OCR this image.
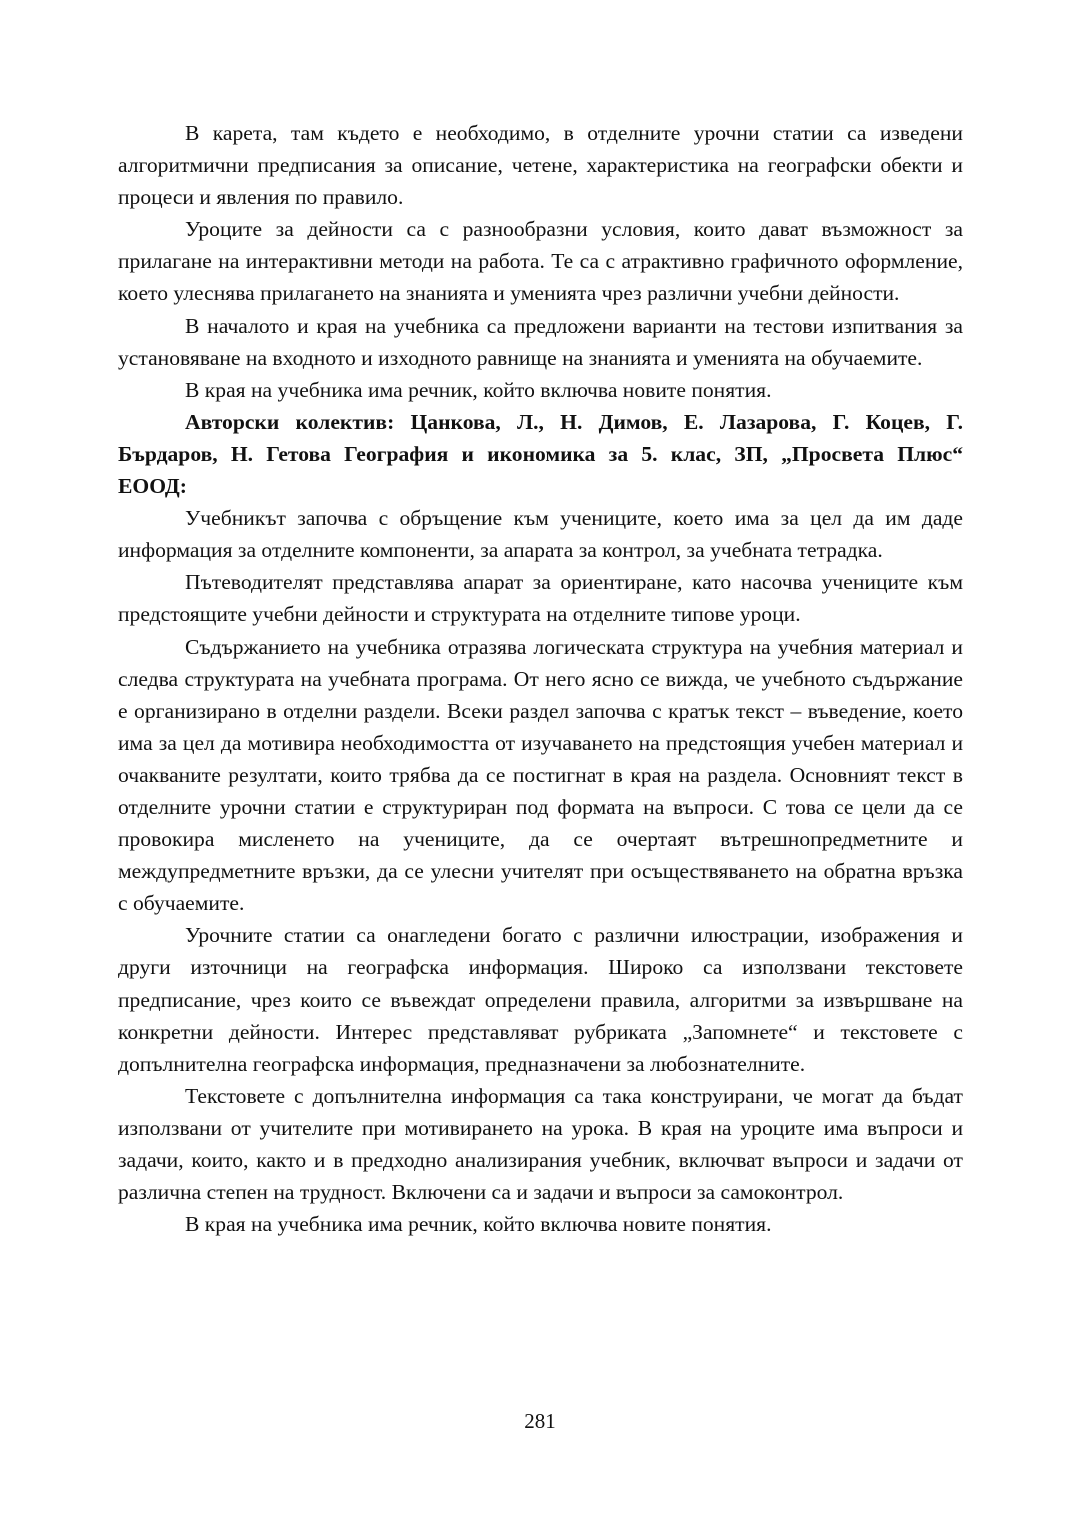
В карета, там където е необходимо, в отделните урочни статии са изведени алгоритмични предписания за описание, четене, характеристика на географски обекти и процеси и явления по правило.

Уроците за дейности са с разнообразни условия, които дават възможност за прилагане на интерактивни методи на работа. Те са с атрактивно графичното оформление, което улеснява прилагането на знанията и уменията чрез различни учебни дейности.

В началото и края на учебника са предложени варианти на тестови изпитвания за установяване на входното и изходното равнище на знанията и уменията на обучаемите.

В края на учебника има речник, който включва новите понятия.

Авторски колектив: Цанкова, Л., Н. Димов, Е. Лазарова, Г. Коцев, Г. Бърдаров, Н. Гетова География и икономика за 5. клас, ЗП, „Просвета Плюс“ ЕООД:

Учебникът започва с обръщение към учениците, което има за цел да им даде информация за отделните компоненти, за апарата за контрол, за учебната тетрадка.

Пътеводителят представлява апарат за ориентиране, като насочва учениците към предстоящите учебни дейности и структурата на отделните типове уроци.

Съдържанието на учебника отразява логическата структура на учебния материал и следва структурата на учебната програма. От него ясно се вижда, че учебното съдържание е организирано в отделни раздели. Всеки раздел започва с кратък текст – въведение, което има за цел да мотивира необходимостта от изучаването на предстоящия учебен материал и очакваните резултати, които трябва да се постигнат в края на раздела. Основният текст в отделните урочни статии е структуриран под формата на въпроси. С това се цели да се провокира мисленето на учениците, да се очертаят вътрешнопредметните и междупредметните връзки, да се улесни учителят при осъществяването на обратна връзка с обучаемите.

Урочните статии са онагледени богато с различни илюстрации, изображения и други източници на географска информация. Широко са използвани текстовете предписание, чрез които се въвеждат определени правила, алгоритми за извършване на конкретни дейности. Интерес представляват рубриката „Запомнете“ и текстовете с допълнителна географска информация, предназначени за любознателните.

Текстовете с допълнителна информация са така конструирани, че могат да бъдат използвани от учителите при мотивирането на урока. В края на уроците има въпроси и задачи, които, както и в предходно анализирания учебник, включват въпроси и задачи от различна степен на трудност. Включени са и задачи и въпроси за самоконтрол.

В края на учебника има речник, който включва новите понятия.

281
